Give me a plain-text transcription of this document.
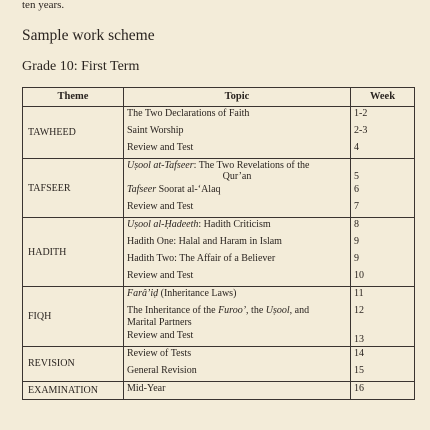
ten years.
Sample work scheme
Grade 10: First Term
Theme	Topic	Week
TAWHEED	The Two Declarations of Faith	1-2
	Saint Worship	2-3
	Review and Test	4
TAFSEER	Uṣool at-Tafseer: The Two Revelations of the
Qur’an	5
	Tafseer Soorat al-‘Alaq	6
	Review and Test	7
HADITH	Uṣool al-Ḥadeeth: Hadith Criticism	8
	Hadith One: Halal and Haram in Islam	9
	Hadith Two: The Affair of a Believer	9
	Review and Test	10
FIQH	Farâ’iḍ (Inheritance Laws)	11
	The Inheritance of the Furoo’, the Uṣool, and
Marital Partners	12
	Review and Test	13
REVISION	Review of Tests	14
	General Revision	15
EXAMINATION	Mid-Year	16
